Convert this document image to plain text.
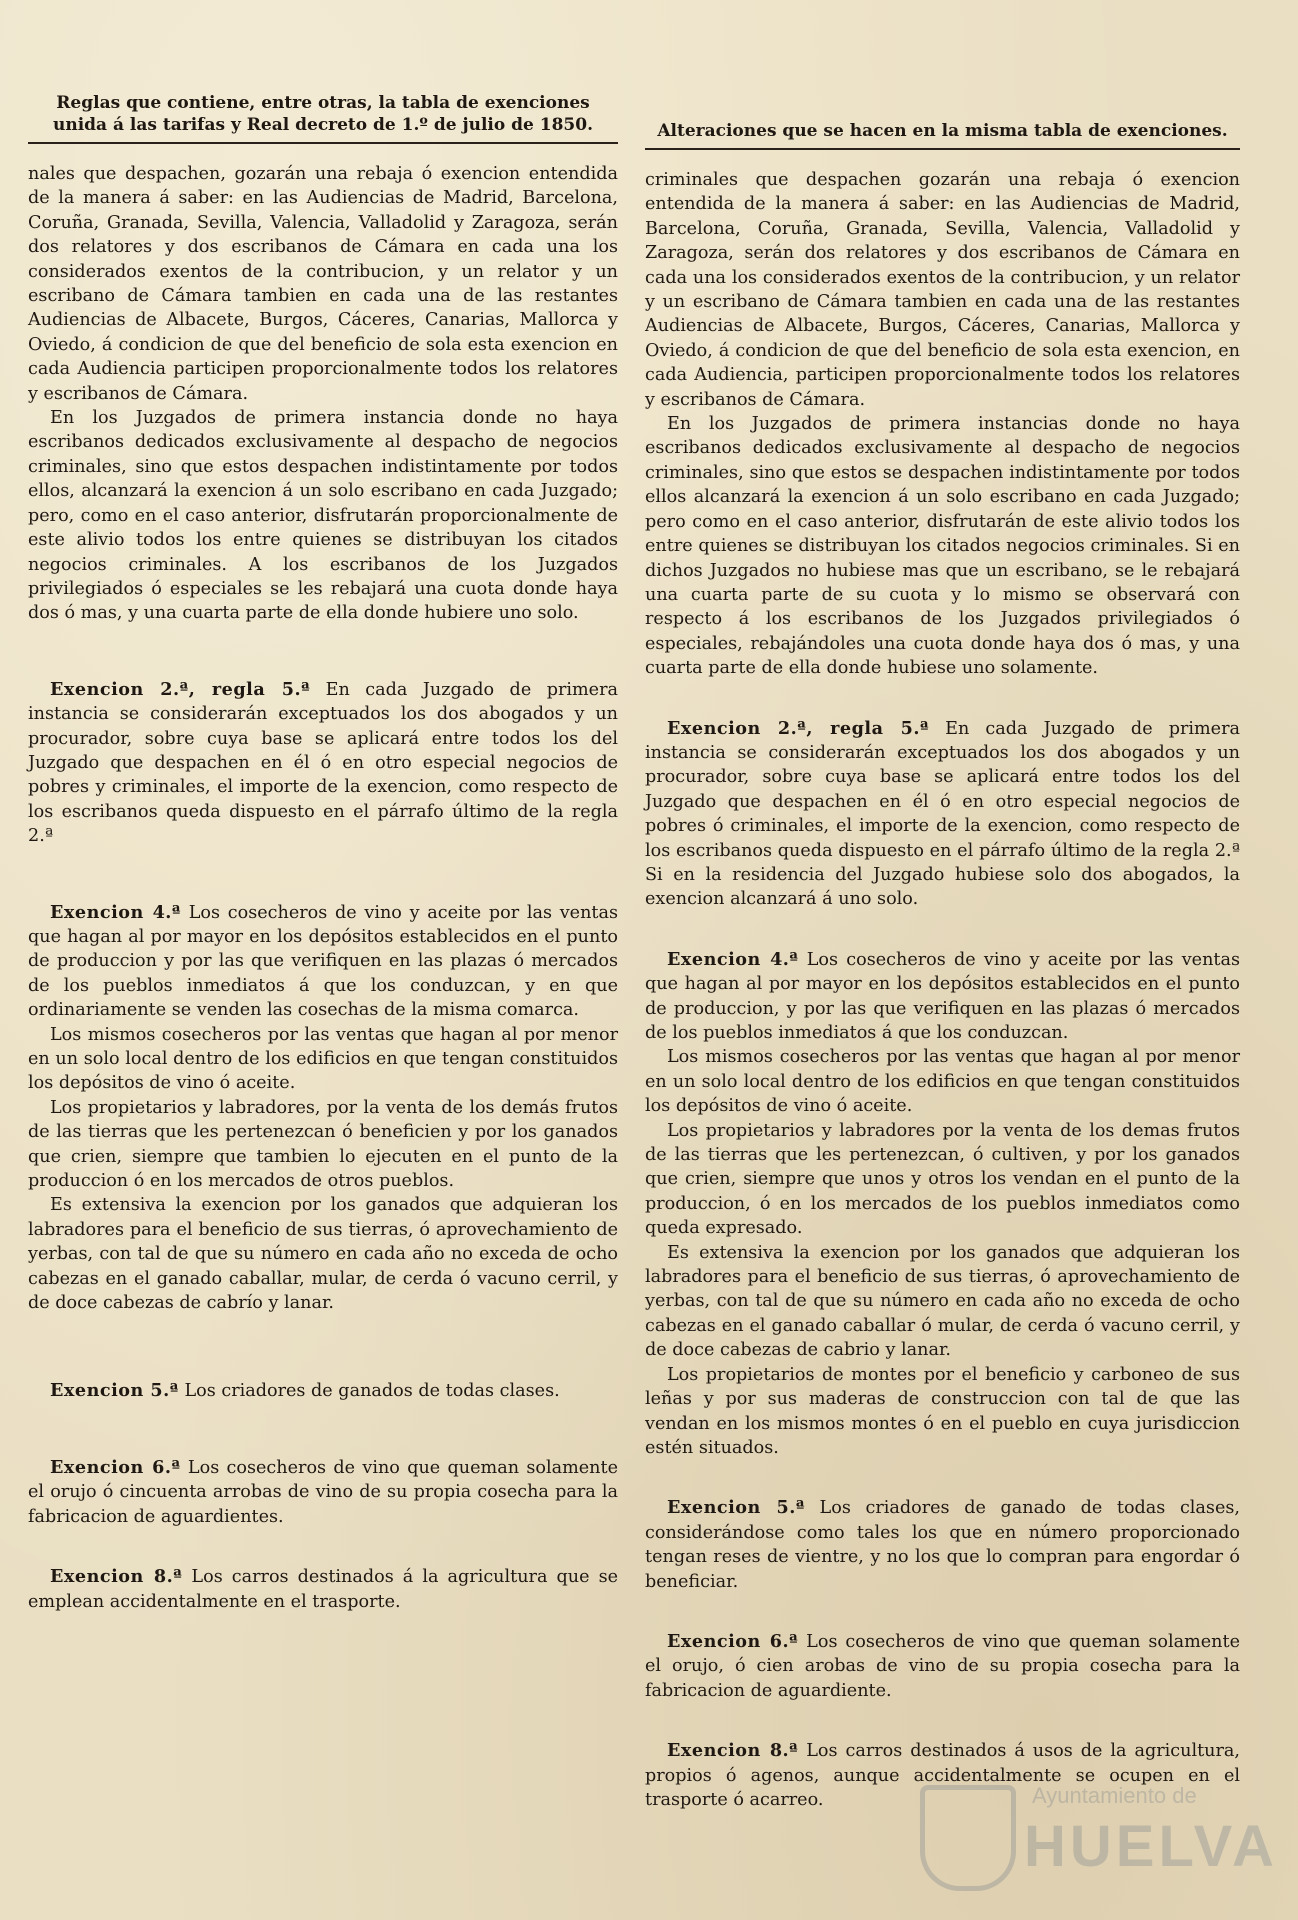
Reglas que contiene, entre otras, la tabla de exenciones unida á las tarifas y Real decreto de 1.º de julio de 1850.

nales que despachen, gozarán una rebaja ó exencion entendida de la manera á saber: en las Audiencias de Madrid, Barcelona, Coruña, Granada, Sevilla, Valencia, Valladolid y Zaragoza, serán dos relatores y dos escribanos de Cámara en cada una los considerados exentos de la contribucion, y un relator y un escribano de Cámara tambien en cada una de las restantes Audiencias de Albacete, Burgos, Cáceres, Canarias, Mallorca y Oviedo, á condicion de que del beneficio de sola esta exencion en cada Audiencia participen proporcionalmente todos los relatores y escribanos de Cámara.

En los Juzgados de primera instancia donde no haya escribanos dedicados exclusivamente al despacho de negocios criminales, sino que estos despachen indistintamente por todos ellos, alcanzará la exencion á un solo escribano en cada Juzgado; pero, como en el caso anterior, disfrutarán proporcionalmente de este alivio todos los entre quienes se distribuyan los citados negocios criminales. A los escribanos de los Juzgados privilegiados ó especiales se les rebajará una cuota donde haya dos ó mas, y una cuarta parte de ella donde hubiere uno solo.

Exencion 2.ª, regla 5.ª En cada Juzgado de primera instancia se considerarán exceptuados los dos abogados y un procurador, sobre cuya base se aplicará entre todos los del Juzgado que despachen en él ó en otro especial negocios de pobres y criminales, el importe de la exencion, como respecto de los escribanos queda dispuesto en el párrafo último de la regla 2.ª

Exencion 4.ª Los cosecheros de vino y aceite por las ventas que hagan al por mayor en los depósitos establecidos en el punto de produccion y por las que verifiquen en las plazas ó mercados de los pueblos inmediatos á que los conduzcan, y en que ordinariamente se venden las cosechas de la misma comarca.

Los mismos cosecheros por las ventas que hagan al por menor en un solo local dentro de los edificios en que tengan constituidos los depósitos de vino ó aceite.

Los propietarios y labradores, por la venta de los demás frutos de las tierras que les pertenezcan ó beneficien y por los ganados que crien, siempre que tambien lo ejecuten en el punto de la produccion ó en los mercados de otros pueblos.

Es extensiva la exencion por los ganados que adquieran los labradores para el beneficio de sus tierras, ó aprovechamiento de yerbas, con tal de que su número en cada año no exceda de ocho cabezas en el ganado caballar, mular, de cerda ó vacuno cerril, y de doce cabezas de cabrío y lanar.

Exencion 5.ª Los criadores de ganados de todas clases.

Exencion 6.ª Los cosecheros de vino que queman solamente el orujo ó cincuenta arrobas de vino de su propia cosecha para la fabricacion de aguardientes.

Exencion 8.ª Los carros destinados á la agricultura que se emplean accidentalmente en el trasporte.

Alteraciones que se hacen en la misma tabla de exenciones.

criminales que despachen gozarán una rebaja ó exencion entendida de la manera á saber: en las Audiencias de Madrid, Barcelona, Coruña, Granada, Sevilla, Valencia, Valladolid y Zaragoza, serán dos relatores y dos escribanos de Cámara en cada una los considerados exentos de la contribucion, y un relator y un escribano de Cámara tambien en cada una de las restantes Audiencias de Albacete, Burgos, Cáceres, Canarias, Mallorca y Oviedo, á condicion de que del beneficio de sola esta exencion, en cada Audiencia, participen proporcionalmente todos los relatores y escribanos de Cámara.

En los Juzgados de primera instancias donde no haya escribanos dedicados exclusivamente al despacho de negocios criminales, sino que estos se despachen indistintamente por todos ellos alcanzará la exencion á un solo escribano en cada Juzgado; pero como en el caso anterior, disfrutarán de este alivio todos los entre quienes se distribuyan los citados negocios criminales. Si en dichos Juzgados no hubiese mas que un escribano, se le rebajará una cuarta parte de su cuota y lo mismo se observará con respecto á los escribanos de los Juzgados privilegiados ó especiales, rebajándoles una cuota donde haya dos ó mas, y una cuarta parte de ella donde hubiese uno solamente.

Exencion 2.ª, regla 5.ª En cada Juzgado de primera instancia se considerarán exceptuados los dos abogados y un procurador, sobre cuya base se aplicará entre todos los del Juzgado que despachen en él ó en otro especial negocios de pobres ó criminales, el importe de la exencion, como respecto de los escribanos queda dispuesto en el párrafo último de la regla 2.ª Si en la residencia del Juzgado hubiese solo dos abogados, la exencion alcanzará á uno solo.

Exencion 4.ª Los cosecheros de vino y aceite por las ventas que hagan al por mayor en los depósitos establecidos en el punto de produccion, y por las que verifiquen en las plazas ó mercados de los pueblos inmediatos á que los conduzcan.

Los mismos cosecheros por las ventas que hagan al por menor en un solo local dentro de los edificios en que tengan constituidos los depósitos de vino ó aceite.

Los propietarios y labradores por la venta de los demas frutos de las tierras que les pertenezcan, ó cultiven, y por los ganados que crien, siempre que unos y otros los vendan en el punto de la produccion, ó en los mercados de los pueblos inmediatos como queda expresado.

Es extensiva la exencion por los ganados que adquieran los labradores para el beneficio de sus tierras, ó aprovechamiento de yerbas, con tal de que su número en cada año no exceda de ocho cabezas en el ganado caballar ó mular, de cerda ó vacuno cerril, y de doce cabezas de cabrio y lanar.

Los propietarios de montes por el beneficio y carboneo de sus leñas y por sus maderas de construccion con tal de que las vendan en los mismos montes ó en el pueblo en cuya jurisdiccion estén situados.

Exencion 5.ª Los criadores de ganado de todas clases, considerándose como tales los que en número proporcionado tengan reses de vientre, y no los que lo compran para engordar ó beneficiar.

Exencion 6.ª Los cosecheros de vino que queman solamente el orujo, ó cien arobas de vino de su propia cosecha para la fabricacion de aguardiente.

Exencion 8.ª Los carros destinados á usos de la agricultura, propios ó agenos, aunque accidentalmente se ocupen en el trasporte ó acarreo.	Ayuntamiento de
HUELVA
